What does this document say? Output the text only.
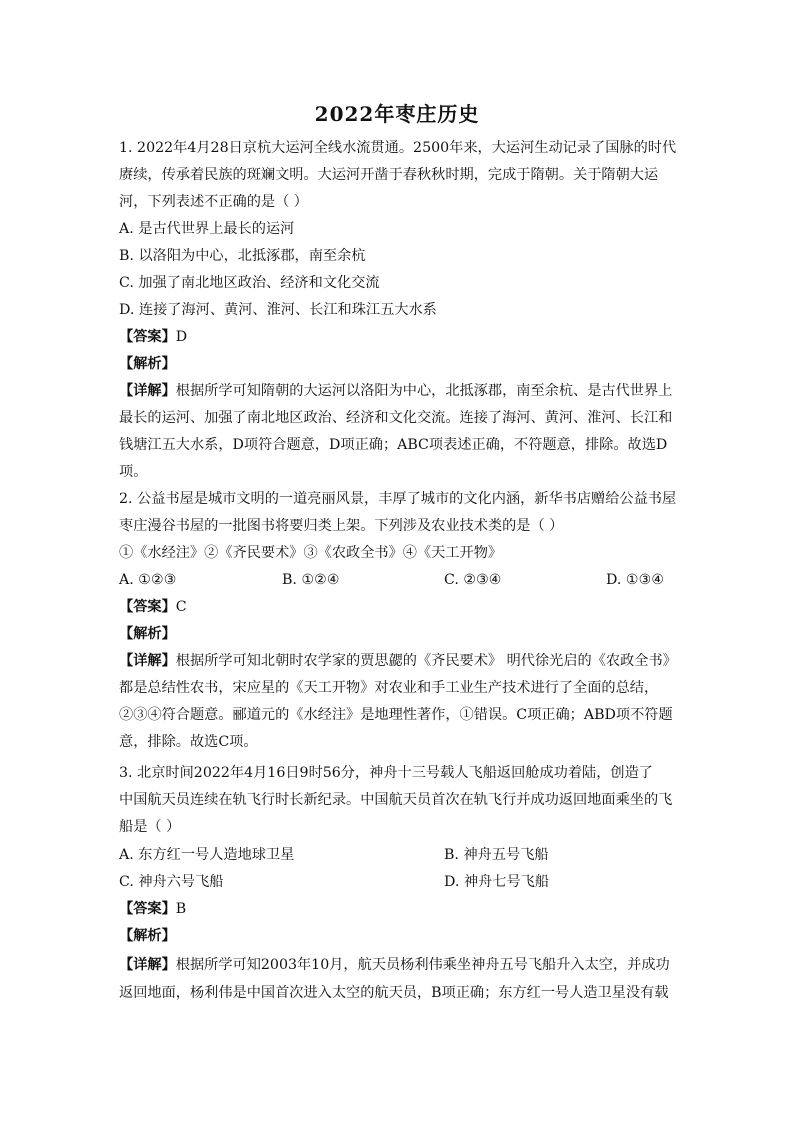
2022年枣庄历史
1. 2022年4月28日京杭大运河全线水流贯通。2500年来，大运河生动记录了国脉的时代
赓续，传承着民族的斑斓文明。大运河开凿于春秋秋时期，完成于隋朝。关于隋朝大运
河，下列表述不正确的是（ ）
A. 是古代世界上最长的运河
B. 以洛阳为中心，北抵涿郡，南至余杭
C. 加强了南北地区政治、经济和文化交流
D. 连接了海河、黄河、淮河、长江和珠江五大水系
【答案】D
【解析】
【详解】根据所学可知隋朝的大运河以洛阳为中心，北抵涿郡，南至余杭、是古代世界上
最长的运河、加强了南北地区政治、经济和文化交流。连接了海河、黄河、淮河、长江和
钱塘江五大水系，D项符合题意，D项正确；ABC项表述正确，不符题意，排除。故选D
项。
2. 公益书屋是城市文明的一道亮丽风景，丰厚了城市的文化内涵，新华书店赠给公益书屋
枣庄漫谷书屋的一批图书将要归类上架。下列涉及农业技术类的是（ ）
①《水经注》②《齐民要术》③《农政全书》④《天工开物》
A. ①②③	B. ①②④	C. ②③④	D. ①③④
【答案】C
【解析】
【详解】根据所学可知北朝时农学家的贾思勰的《齐民要术》 明代徐光启的《农政全书》
都是总结性农书，宋应星的《天工开物》对农业和手工业生产技术进行了全面的总结，
②③④符合题意。郦道元的《水经注》是地理性著作，①错误。C项正确；ABD项不符题
意，排除。故选C项。
3. 北京时间2022年4月16日9时56分，神舟十三号载人飞船返回舱成功着陆，创造了
中国航天员连续在轨飞行时长新纪录。中国航天员首次在轨飞行并成功返回地面乘坐的飞
船是（ ）
A. 东方红一号人造地球卫星	B. 神舟五号飞船
C. 神舟六号飞船	D. 神舟七号飞船
【答案】B
【解析】
【详解】根据所学可知2003年10月，航天员杨利伟乘坐神舟五号飞船升入太空，并成功
返回地面，杨利伟是中国首次进入太空的航天员，B项正确；东方红一号人造卫星没有载
